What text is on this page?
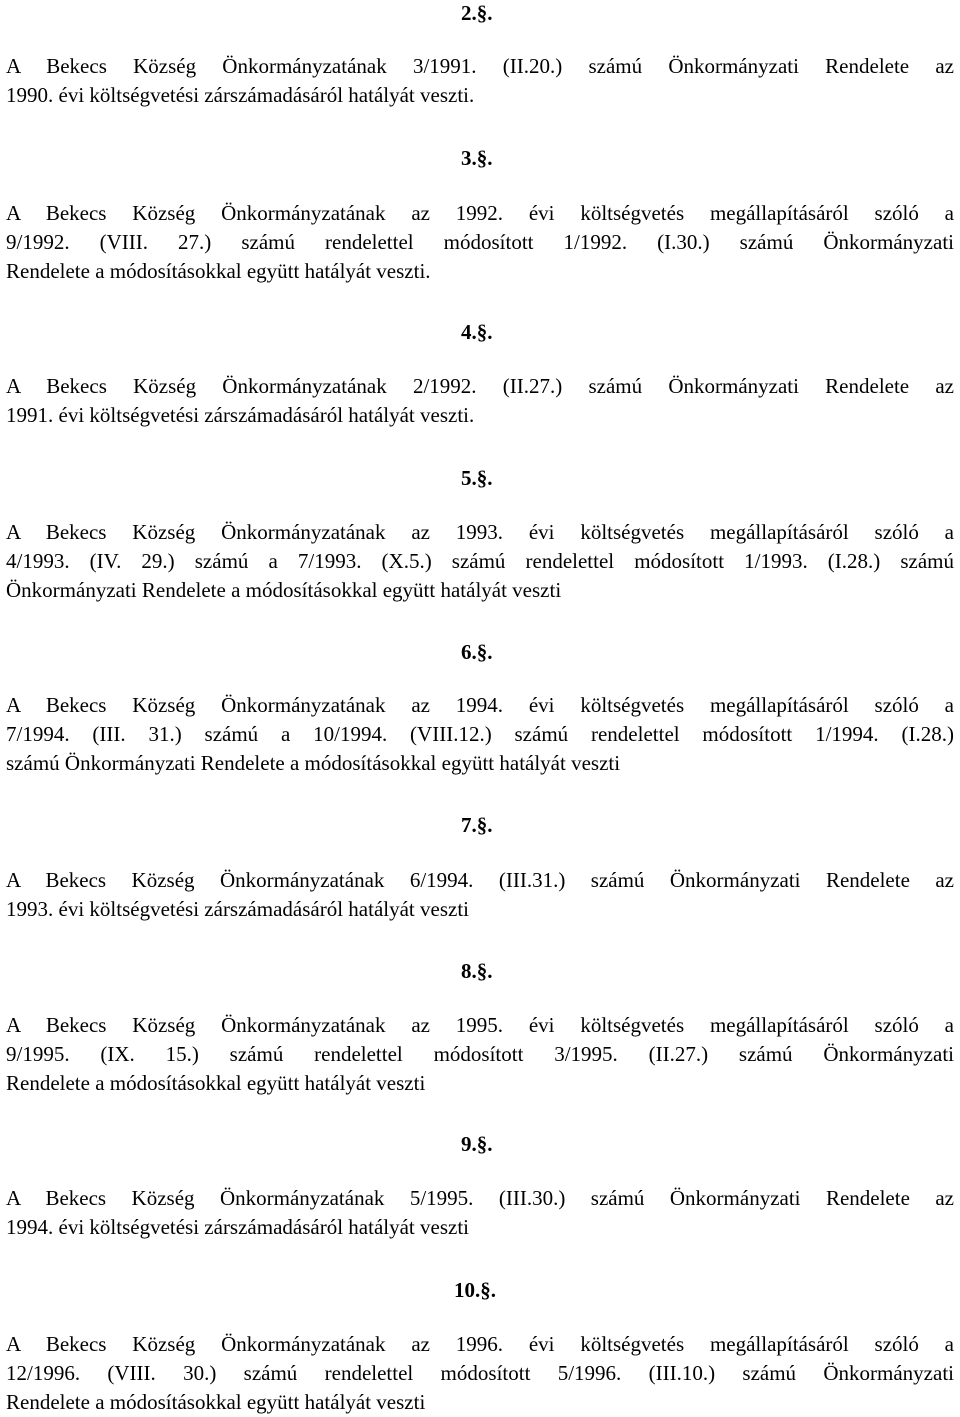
2.§.
A Bekecs Község Önkormányzatának 3/1991. (II.20.) számú Önkormányzati Rendelete az
1990. évi költségvetési zárszámadásáról hatályát veszti.
3.§.
A Bekecs Község Önkormányzatának az 1992. évi költségvetés megállapításáról szóló a
9/1992. (VIII. 27.) számú rendelettel módosított 1/1992. (I.30.) számú Önkormányzati
Rendelete a módosításokkal együtt hatályát veszti.
4.§.
A Bekecs Község Önkormányzatának 2/1992. (II.27.) számú Önkormányzati Rendelete az
1991. évi költségvetési zárszámadásáról hatályát veszti.
5.§.
A Bekecs Község Önkormányzatának az 1993. évi költségvetés megállapításáról szóló a
4/1993. (IV. 29.) számú a 7/1993. (X.5.) számú rendelettel módosított 1/1993. (I.28.) számú
Önkormányzati Rendelete a módosításokkal együtt hatályát veszti
6.§.
A Bekecs Község Önkormányzatának az 1994. évi költségvetés megállapításáról szóló a
7/1994. (III. 31.) számú a 10/1994. (VIII.12.) számú rendelettel módosított 1/1994. (I.28.)
számú Önkormányzati Rendelete a módosításokkal együtt hatályát veszti
7.§.
A Bekecs Község Önkormányzatának 6/1994. (III.31.) számú Önkormányzati Rendelete az
1993. évi költségvetési zárszámadásáról hatályát veszti
8.§.
A Bekecs Község Önkormányzatának az 1995. évi költségvetés megállapításáról szóló a
9/1995. (IX. 15.) számú rendelettel módosított 3/1995. (II.27.) számú Önkormányzati
Rendelete a módosításokkal együtt hatályát veszti
9.§.
A Bekecs Község Önkormányzatának 5/1995. (III.30.) számú Önkormányzati Rendelete az
1994. évi költségvetési zárszámadásáról hatályát veszti
10.§.
A Bekecs Község Önkormányzatának az 1996. évi költségvetés megállapításáról szóló a
12/1996. (VIII. 30.) számú rendelettel módosított 5/1996. (III.10.) számú Önkormányzati
Rendelete a módosításokkal együtt hatályát veszti
